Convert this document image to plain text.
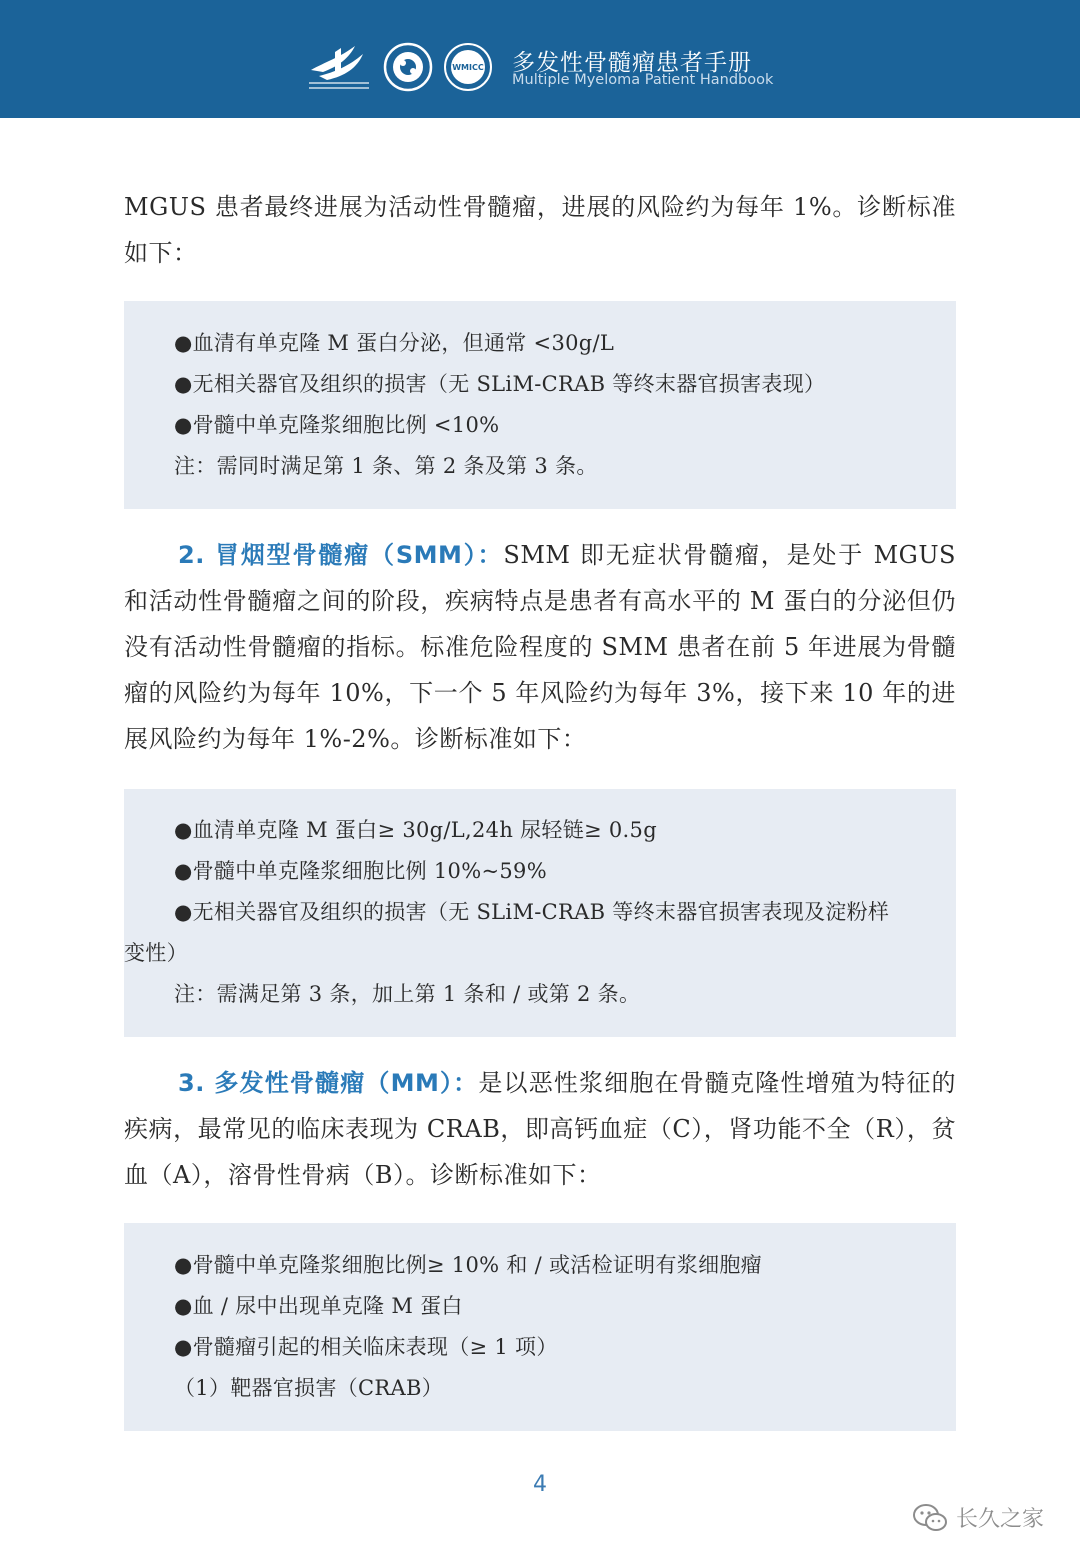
WMICC 多发性骨髓瘤患者手册
Multiple Myeloma Patient Handbook

MGUS 患者最终进展为活动性骨髓瘤，进展的风险约为每年 1%。诊断标准如下：

●血清有单克隆 M 蛋白分泌，但通常 <30g/L

●无相关器官及组织的损害（无 SLiM-CRAB 等终末器官损害表现）

●骨髓中单克隆浆细胞比例 <10%

注：需同时满足第 1 条、第 2 条及第 3 条。

2. 冒烟型骨髓瘤（SMM）：SMM 即无症状骨髓瘤，是处于 MGUS 和活动性骨髓瘤之间的阶段，疾病特点是患者有高水平的 M 蛋白的分泌但仍没有活动性骨髓瘤的指标。标准危险程度的 SMM 患者在前 5 年进展为骨髓瘤的风险约为每年 10%，下一个 5 年风险约为每年 3%，接下来 10 年的进展风险约为每年 1%-2%。诊断标准如下：

●血清单克隆 M 蛋白≥ 30g/L,24h 尿轻链≥ 0.5g

●骨髓中单克隆浆细胞比例 10%~59%

●无相关器官及组织的损害（无 SLiM-CRAB 等终末器官损害表现及淀粉样

变性）

注：需满足第 3 条，加上第 1 条和 / 或第 2 条。

3. 多发性骨髓瘤（MM）：是以恶性浆细胞在骨髓克隆性增殖为特征的疾病，最常见的临床表现为 CRAB，即高钙血症（C），肾功能不全（R），贫血（A），溶骨性骨病（B）。诊断标准如下：

●骨髓中单克隆浆细胞比例≥ 10% 和 / 或活检证明有浆细胞瘤

●血 / 尿中出现单克隆 M 蛋白

●骨髓瘤引起的相关临床表现（≥ 1 项）

（1）靶器官损害（CRAB）

4
长久之家
